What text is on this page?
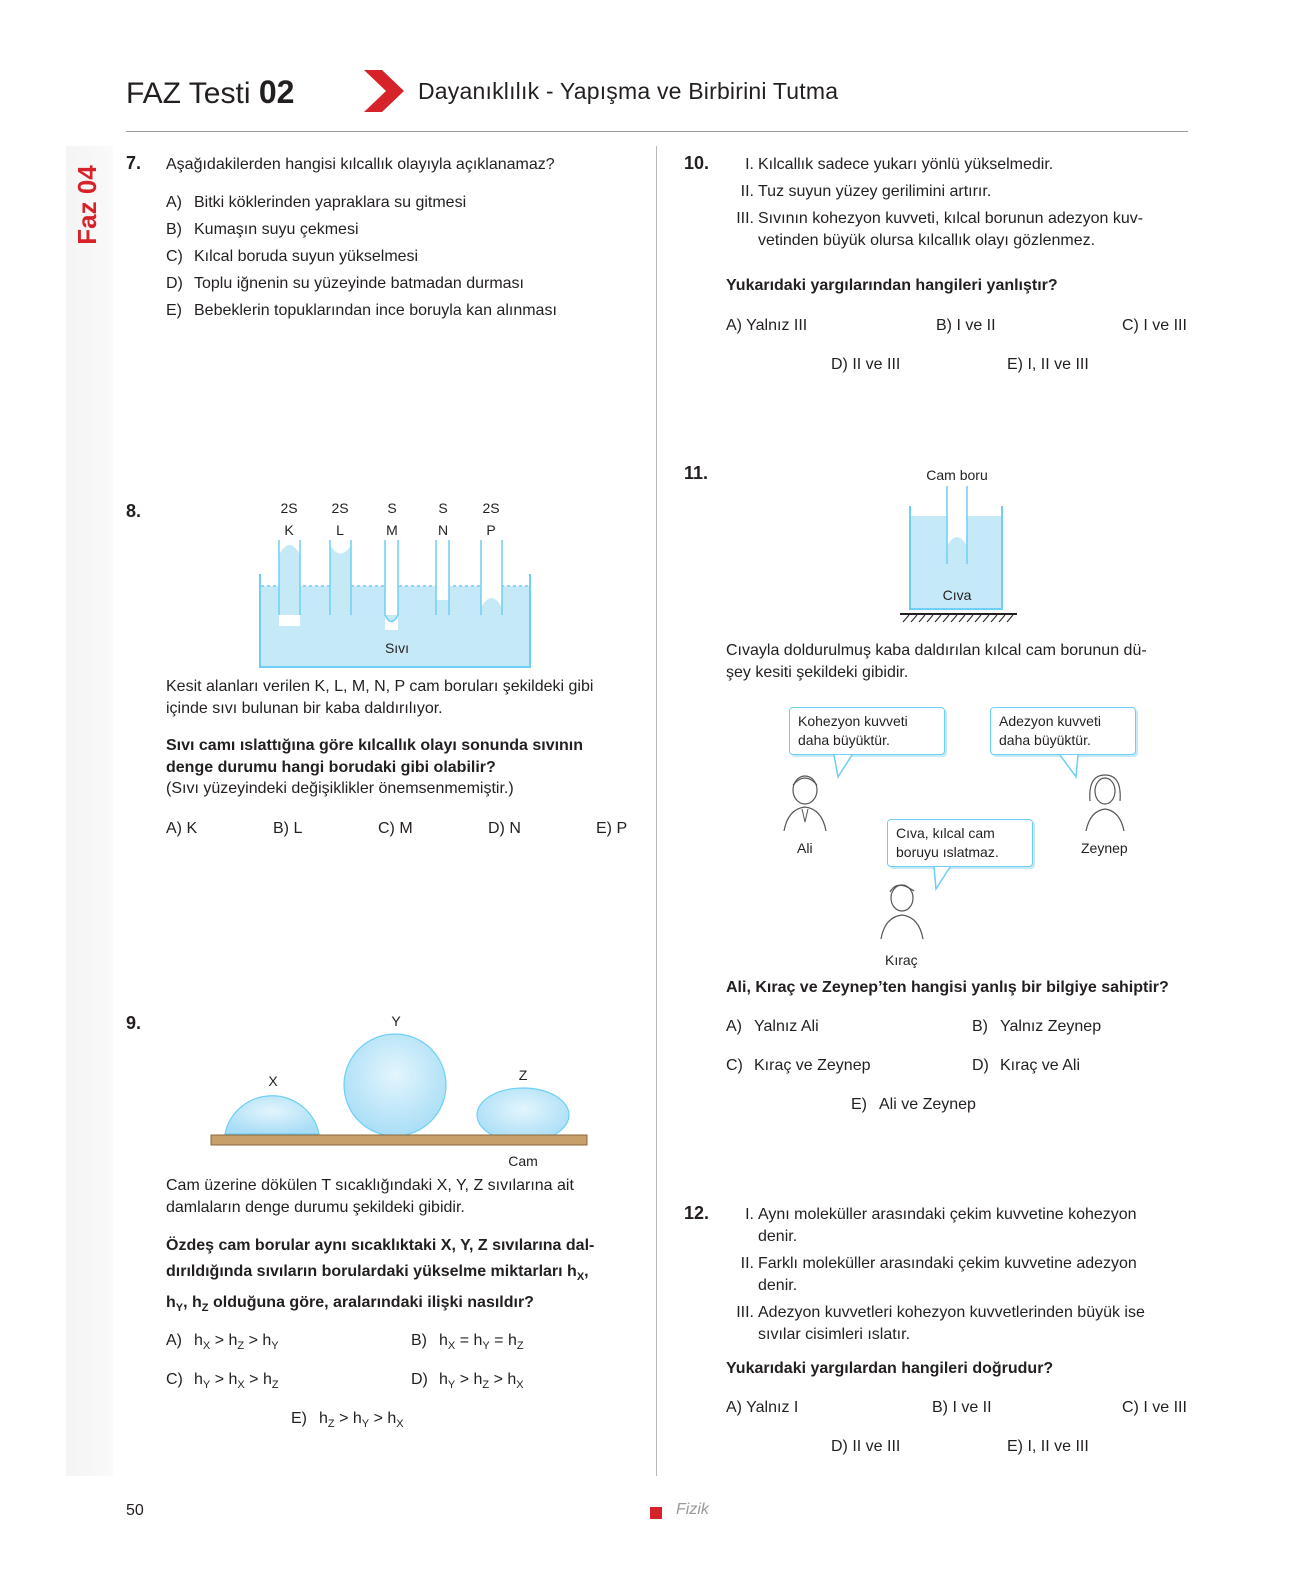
FAZ Testi 02	Dayanıklılık - Yapışma ve Birbirini Tutma
Faz 04
7. Aşağıdakilerden hangisi kılcallık olayıyla açıklanamaz?
A) Bitki köklerinden yapraklara su gitmesi
B) Kumaşın suyu çekmesi
C) Kılcal boruda suyun yükselmesi
D) Toplu iğnenin su yüzeyinde batmadan durması
E) Bebeklerin topuklarından ince boruyla kan alınması
8.	2S 2S	S	S 2S
K	L	M	N	P
Sıvı
Kesit alanları verilen K, L, M, N, P cam boruları şekildeki gibi içinde sıvı bulunan bir kaba daldırılıyor.
Sıvı camı ıslattığına göre kılcallık olayı sonunda sıvının denge durumu hangi borudaki gibi olabilir?
(Sıvı yüzeyindeki değişiklikler önemsenmemiştir.)
A) K	B) L	C) M	D) N	E) P
9.
X
Y
Z
Cam
Cam üzerine dökülen T sıcaklığındaki X, Y, Z sıvılarına ait damlaların denge durumu şekildeki gibidir.
Özdeş cam borular aynı sıcaklıktaki X, Y, Z sıvılarına dal-
dırıldığında sıvıların borulardaki yükselme miktarları $h_X$,
$h_Y$, $h_Z$ olduğuna göre, aralarındaki ilişki nasıldır?
A) $h_X > h_Z > h_Y$	B) $h_X = h_Y = h_Z$
C) $h_Y > h_X > h_Z$	D) $h_Y > h_Z > h_X$
E) $h_Z > h_Y > h_X$
10.	I. Kılcallık sadece yukarı yönlü yükselmedir.
II. Tuz suyun yüzey gerilimini artırır.
III. Sıvının kohezyon kuvveti, kılcal borunun adezyon kuv-
vetinden büyük olursa kılcallık olayı gözlenmez.
Yukarıdaki yargılarından hangileri yanlıştır?
A) Yalnız III	B) I ve II	C) I ve III
D) II ve III	E) I, II ve III
11.	Cam boru
Cıva
Cıvayla doldurulmuş kaba daldırılan kılcal cam borunun dü-
şey kesiti şekildeki gibidir.
Kohezyon kuvveti
daha büyüktür.
Adezyon kuvveti
daha büyüktür.
Cıva, kılcal cam
boruyu ıslatmaz.
Ali	Zeynep
Kıraç
Ali, Kıraç ve Zeynep’ten hangisi yanlış bir bilgiye sahiptir?
A) Yalnız Ali	B) Yalnız Zeynep
C) Kıraç ve Zeynep	D) Kıraç ve Ali
E) Ali ve Zeynep
12.	I. Aynı moleküller arasındaki çekim kuvvetine kohezyon
denir.
II. Farklı moleküller arasındaki çekim kuvvetine adezyon
denir.
III. Adezyon kuvvetleri kohezyon kuvvetlerinden büyük ise
sıvılar cisimleri ıslatır.
Yukarıdaki yargılardan hangileri doğrudur?
A) Yalnız I	B) I ve II	C) I ve III
D) II ve III	E) I, II ve III
50	Fizik
